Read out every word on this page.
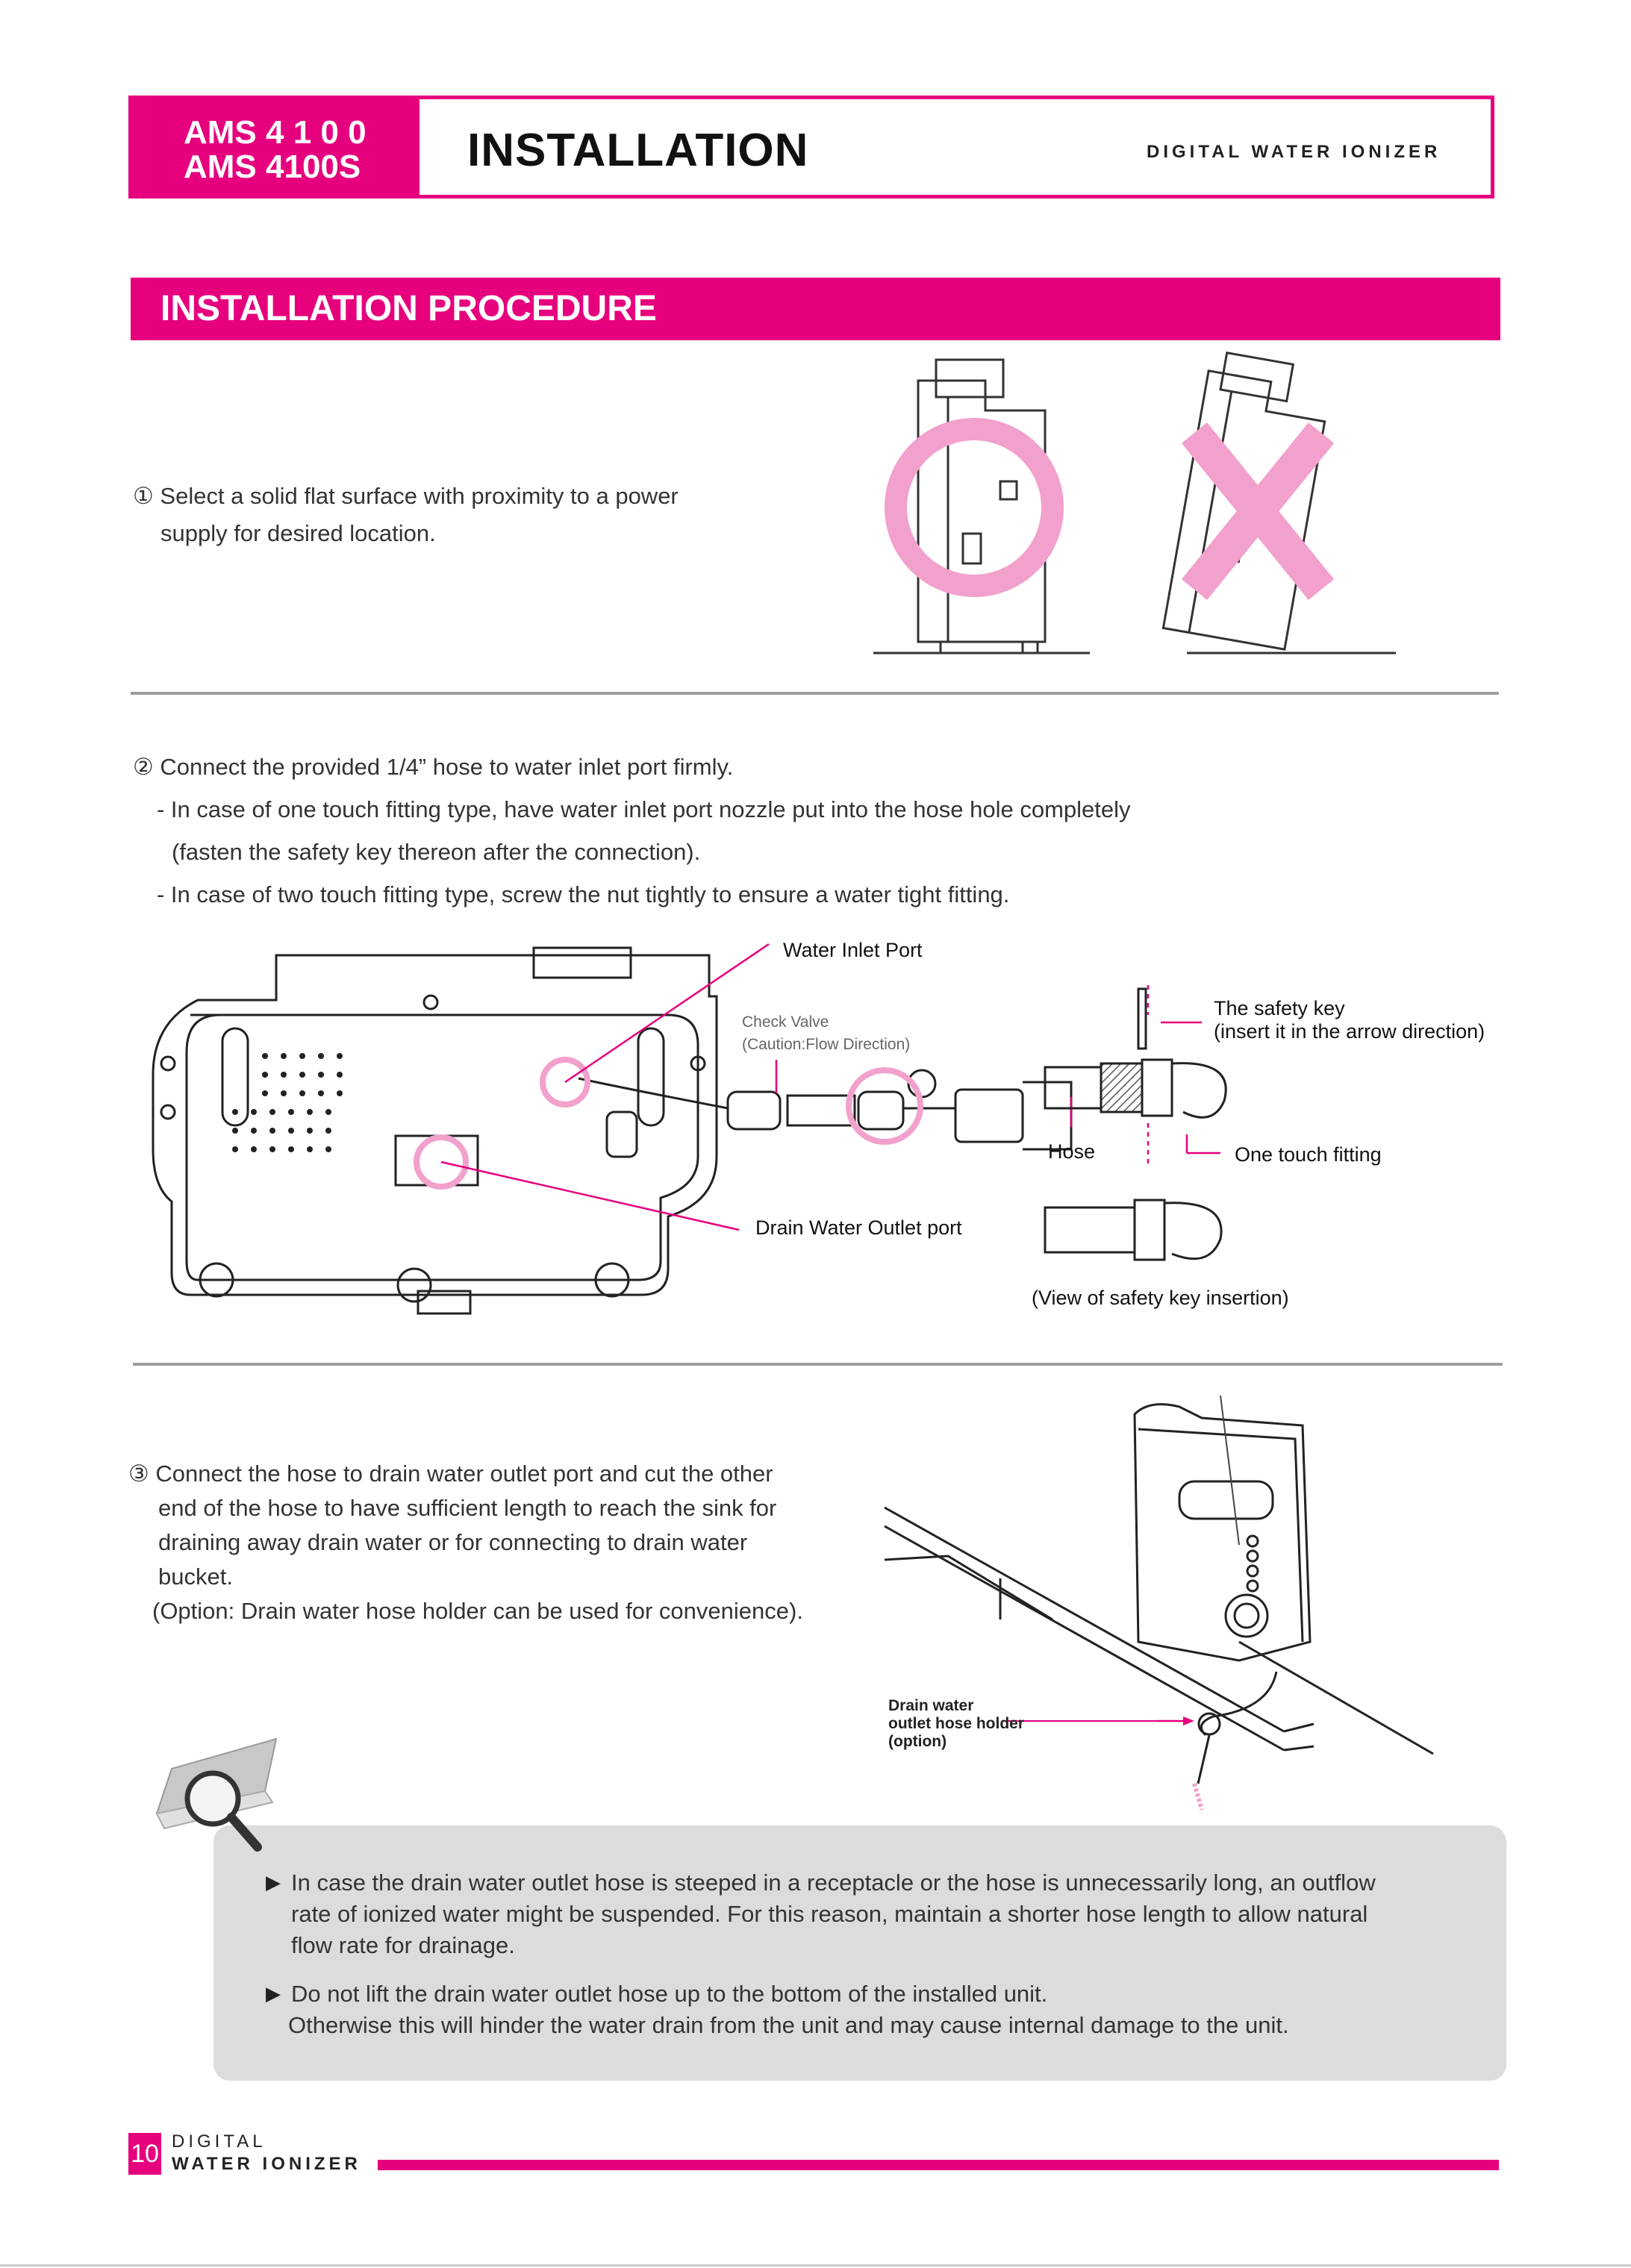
AMS 4 1 0 0
AMS 4100S INSTALLATION	DIGITAL WATER IONIZER
INSTALLATION PROCEDURE
① Select a solid flat surface with proximity to a power
supply for desired location.
② Connect the provided 1/4” hose to water inlet port firmly.
- In case of one touch fitting type, have water inlet port nozzle put into the hose hole completely
(fasten the safety key thereon after the connection).
- In case of two touch fitting type, screw the nut tightly to ensure a water tight fitting.
Water Inlet Port
Check Valve
(Caution:Flow Direction)
Drain Water Outlet port
The safety key
(insert it in the arrow direction)
Hose	One touch fitting
(View of safety key insertion)
③ Connect the hose to drain water outlet port and cut the other
end of the hose to have sufficient length to reach the sink for
draining away drain water or for connecting to drain water
bucket.
(Option: Drain water hose holder can be used for convenience).
Drain water
outlet hose holder
(option)
▶ In case the drain water outlet hose is steeped in a receptacle or the hose is unnecessarily long, an outflow
rate of ionized water might be suspended. For this reason, maintain a shorter hose length to allow natural
flow rate for drainage.
▶ Do not lift the drain water outlet hose up to the bottom of the installed unit.
Otherwise this will hinder the water drain from the unit and may cause internal damage to the unit.
10 DIGITAL
WATER IONIZER
